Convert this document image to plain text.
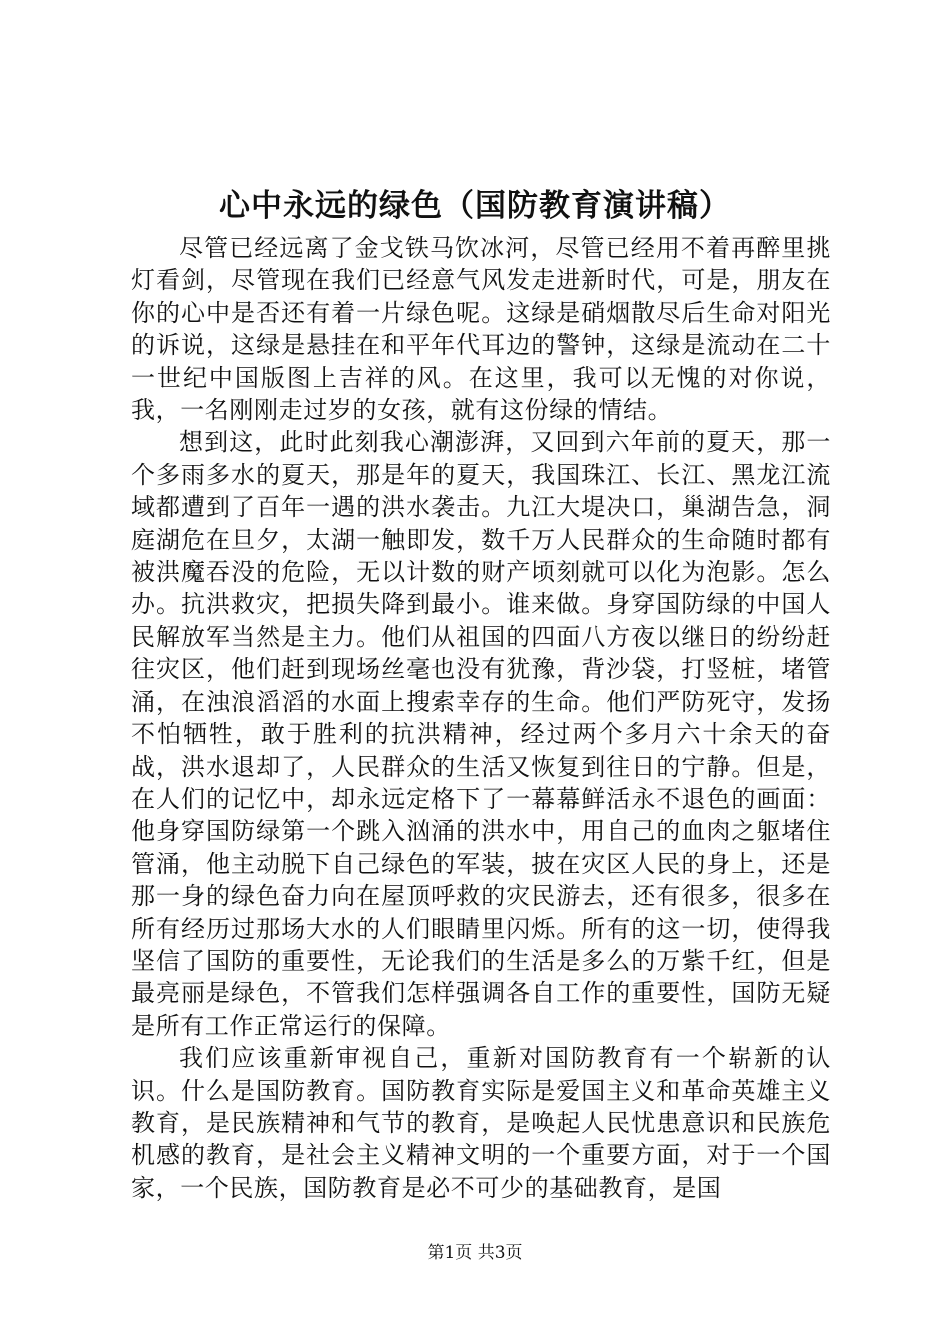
心中永远的绿色（国防教育演讲稿）

尽管已经远离了金戈铁马饮冰河，尽管已经用不着再醉里挑灯看剑，尽管现在我们已经意气风发走进新时代，可是，朋友在你的心中是否还有着一片绿色呢。这绿是硝烟散尽后生命对阳光的诉说，这绿是悬挂在和平年代耳边的警钟，这绿是流动在二十一世纪中国版图上吉祥的风。在这里，我可以无愧的对你说，我，一名刚刚走过岁的女孩，就有这份绿的情结。

想到这，此时此刻我心潮澎湃，又回到六年前的夏天，那一个多雨多水的夏天，那是年的夏天，我国珠江、长江、黑龙江流域都遭到了百年一遇的洪水袭击。九江大堤决口，巢湖告急，洞庭湖危在旦夕，太湖一触即发，数千万人民群众的生命随时都有被洪魔吞没的危险，无以计数的财产顷刻就可以化为泡影。怎么办。抗洪救灾，把损失降到最小。谁来做。身穿国防绿的中国人民解放军当然是主力。他们从祖国的四面八方夜以继日的纷纷赶往灾区，他们赶到现场丝毫也没有犹豫，背沙袋，打竖桩，堵管涌，在浊浪滔滔的水面上搜索幸存的生命。他们严防死守，发扬不怕牺牲，敢于胜利的抗洪精神，经过两个多月六十余天的奋战，洪水退却了，人民群众的生活又恢复到往日的宁静。但是，在人们的记忆中，却永远定格下了一幕幕鲜活永不退色的画面：他身穿国防绿第一个跳入汹涌的洪水中，用自己的血肉之躯堵住管涌，他主动脱下自己绿色的军装，披在灾区人民的身上，还是那一身的绿色奋力向在屋顶呼救的灾民游去，还有很多，很多在所有经历过那场大水的人们眼睛里闪烁。所有的这一切，使得我坚信了国防的重要性，无论我们的生活是多么的万紫千红，但是最亮丽是绿色，不管我们怎样强调各自工作的重要性，国防无疑是所有工作正常运行的保障。

我们应该重新审视自己，重新对国防教育有一个崭新的认识。什么是国防教育。国防教育实际是爱国主义和革命英雄主义教育，是民族精神和气节的教育，是唤起人民忧患意识和民族危机感的教育，是社会主义精神文明的一个重要方面，对于一个国家，一个民族，国防教育是必不可少的基础教育，是国

第1页 共3页
